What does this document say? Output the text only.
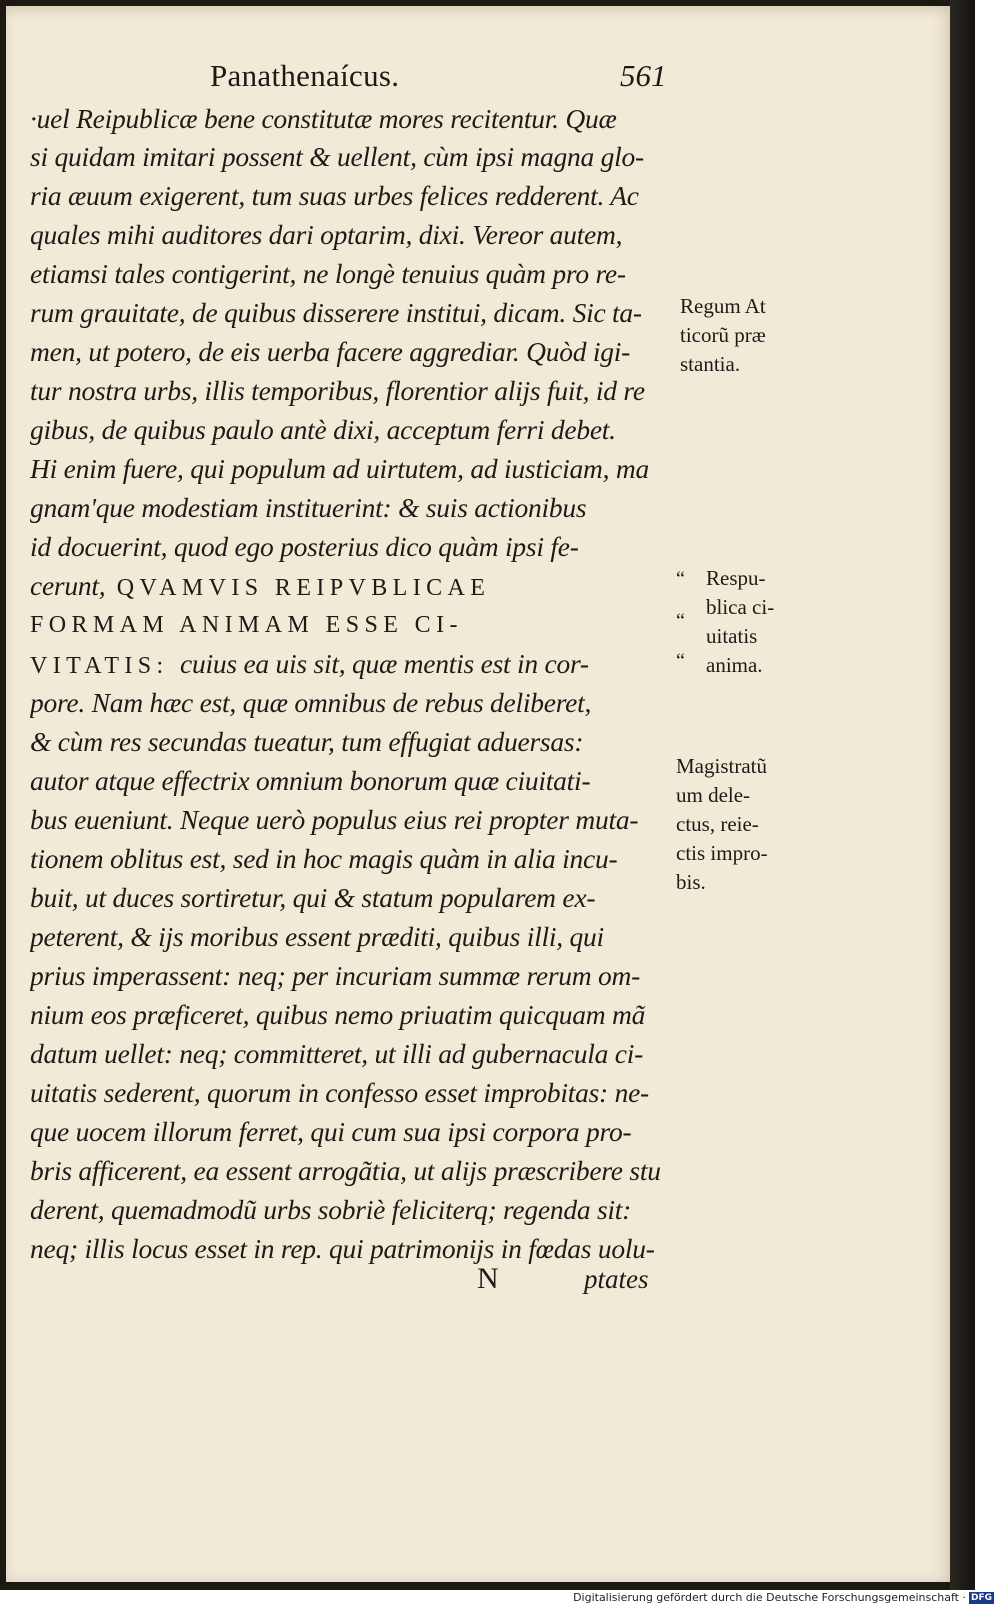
Panathenaícus.	561
·uel Reipublicæ bene constitutæ mores recitentur. Quæ
si quidam imitari possent & uellent, cùm ipsi magna glo-
ria æuum exigerent, tum suas urbes felices redderent. Ac
quales mihi auditores dari optarim, dixi. Vereor autem,
etiamsi tales contigerint, ne longè tenuius quàm pro re-
rum grauitate, de quibus disserere institui, dicam. Sic ta-
men, ut potero, de eis uerba facere aggrediar. Quòd igi-
tur nostra urbs, illis temporibus, florentior alijs fuit, id re
gibus, de quibus paulo antè dixi, acceptum ferri debet.
Hi enim fuere, qui populum ad uirtutem, ad iusticiam, ma
gnam'que modestiam instituerint: & suis actionibus
id docuerint, quod ego posterius dico quàm ipsi fe-
cerunt, QVAMVIS REIPVBLICAE
FORMAM ANIMAM ESSE CI-
VITATIS: cuius ea uis sit, quæ mentis est in cor-
pore. Nam hæc est, quæ omnibus de rebus deliberet,
& cùm res secundas tueatur, tum effugiat aduersas:
autor atque effectrix omnium bonorum quæ ciuitati-
bus eueniunt. Neque uerò populus eius rei propter muta-
tionem oblitus est, sed in hoc magis quàm in alia incu-
buit, ut duces sortiretur, qui & statum popularem ex-
peterent, & ijs moribus essent præditi, quibus illi, qui
prius imperassent: neq; per incuriam summæ rerum om-
nium eos præficeret, quibus nemo priuatim quicquam mã
datum uellet: neq; committeret, ut illi ad gubernacula ci-
uitatis sederent, quorum in confesso esset improbitas: ne-
que uocem illorum ferret, qui cum sua ipsi corpora pro-
bris afficerent, ea essent arrogãtia, ut alijs præscribere stu
derent, quemadmodũ urbs sobriè feliciterq; regenda sit:
neq; illis locus esset in rep. qui patrimonijs in fœdas uolu-
N	ptates
Regum At
ticorũ præ
stantia.
“
“
“
Respu-
blica ci-
uitatis
anima.
Magistratũ
um dele-
ctus, reie-
ctis impro-
bis.
Digitalisierung gefördert durch die Deutsche Forschungsgemeinschaft · DFG
